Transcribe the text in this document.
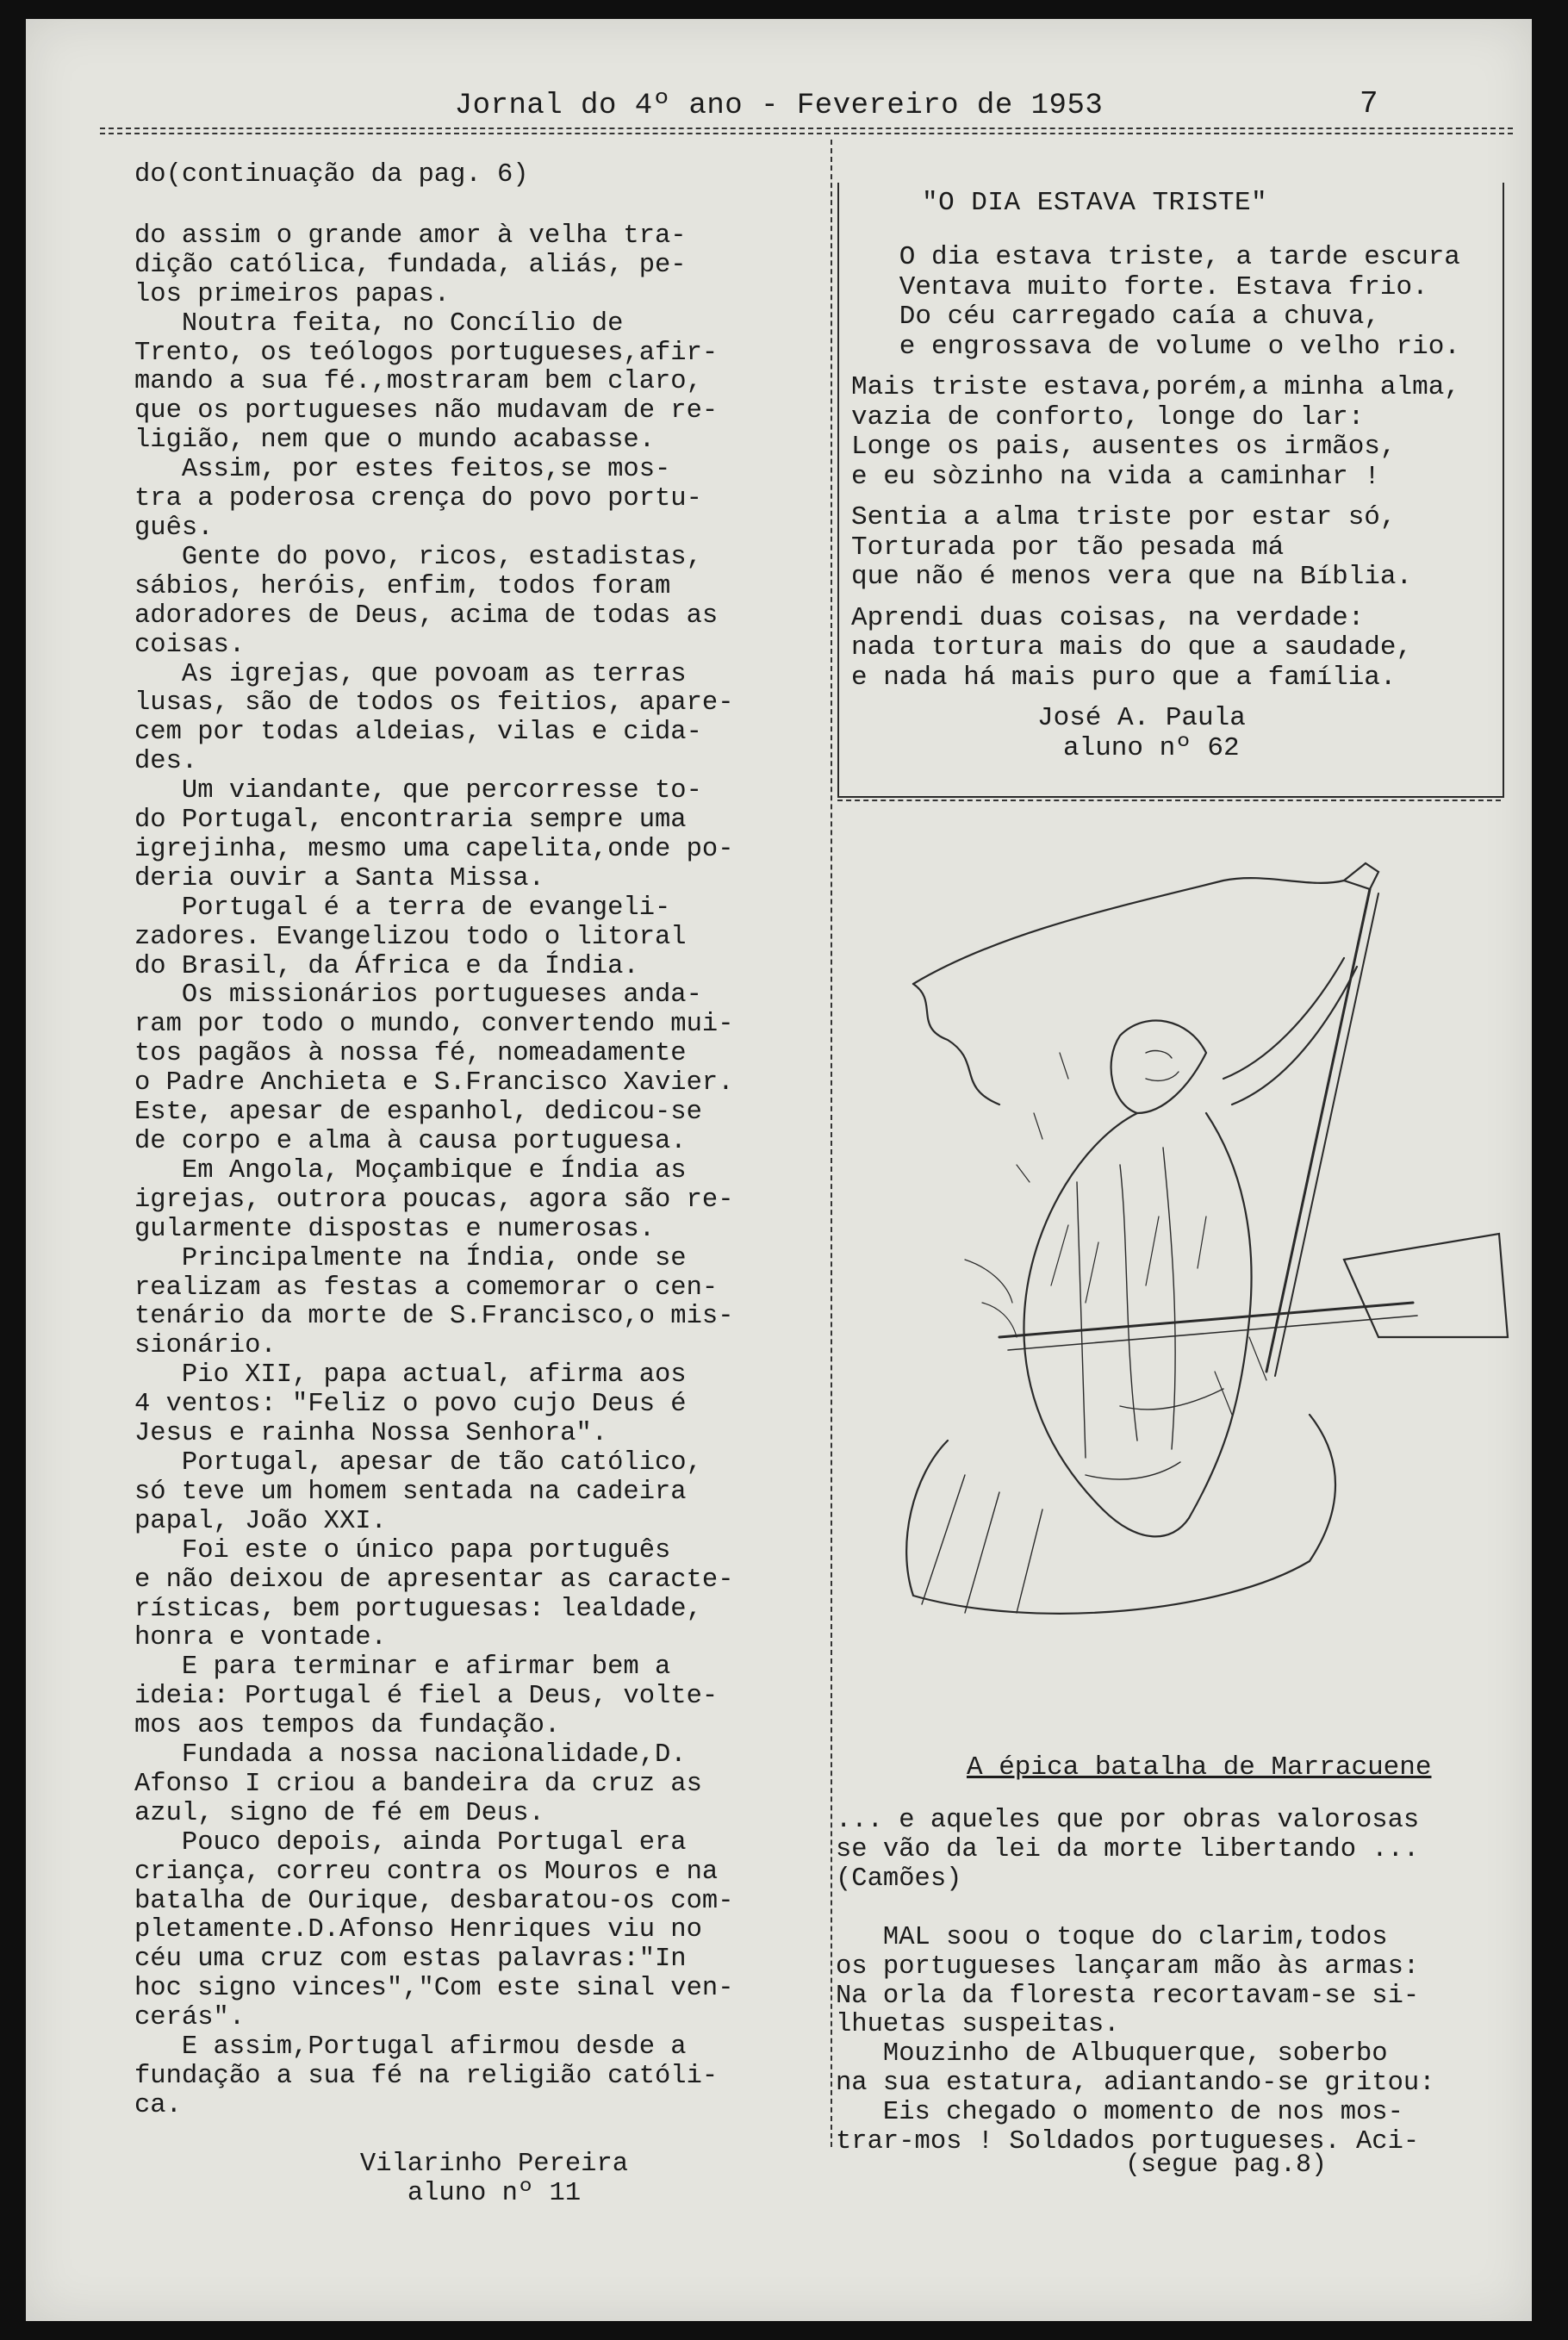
Jornal do 4º ano - Fevereiro de 1953	7

do(continuação da pag. 6)

do assim o grande amor à velha tra-

dição católica, fundada, aliás, pe-

los primeiros papas.

Noutra feita, no Concílio de

Trento, os teólogos portugueses,afir-

mando a sua fé.,mostraram bem claro,

que os portugueses não mudavam de re-

ligião, nem que o mundo acabasse.

Assim, por estes feitos,se mos-

tra a poderosa crença do povo portu-

guês.

Gente do povo, ricos, estadistas,

sábios, heróis, enfim, todos foram

adoradores de Deus, acima de todas as

coisas.

As igrejas, que povoam as terras

lusas, são de todos os feitios, apare-

cem por todas aldeias, vilas e cida-

des.

Um viandante, que percorresse to-

do Portugal, encontraria sempre uma

igrejinha, mesmo uma capelita,onde po-

deria ouvir a Santa Missa.

Portugal é a terra de evangeli-

zadores. Evangelizou todo o litoral

do Brasil, da África e da Índia.

Os missionários portugueses anda-

ram por todo o mundo, convertendo mui-

tos pagãos à nossa fé, nomeadamente

o Padre Anchieta e S.Francisco Xavier.

Este, apesar de espanhol, dedicou-se

de corpo e alma à causa portuguesa.

Em Angola, Moçambique e Índia as

igrejas, outrora poucas, agora são re-

gularmente dispostas e numerosas.

Principalmente na Índia, onde se

realizam as festas a comemorar o cen-

tenário da morte de S.Francisco,o mis-

sionário.

Pio XII, papa actual, afirma aos

4 ventos: "Feliz o povo cujo Deus é

Jesus e rainha Nossa Senhora".

Portugal, apesar de tão católico,

só teve um homem sentada na cadeira

papal, João XXI.

Foi este o único papa português

e não deixou de apresentar as caracte-

rísticas, bem portuguesas: lealdade,

honra e vontade.

E para terminar e afirmar bem a

ideia: Portugal é fiel a Deus, volte-

mos aos tempos da fundação.

Fundada a nossa nacionalidade,D.

Afonso I criou a bandeira da cruz as

azul, signo de fé em Deus.

Pouco depois, ainda Portugal era

criança, correu contra os Mouros e na

batalha de Ourique, desbaratou-os com-

pletamente.D.Afonso Henriques viu no

céu uma cruz com estas palavras:"In

hoc signo vinces","Com este sinal ven-

cerás".

E assim,Portugal afirmou desde a

fundação a sua fé na religião católi-

ca.

Vilarinho Pereira

aluno nº 11

"O DIA ESTAVA TRISTE"
O dia estava triste, a tarde escura
Ventava muito forte. Estava frio.
Do céu carregado caía a chuva,
e engrossava de volume o velho rio.
Mais triste estava,porém,a minha alma,
vazia de conforto, longe do lar:
Longe os pais, ausentes os irmãos,
e eu sòzinho na vida a caminhar !
Sentia a alma triste por estar só,
Torturada por tão pesada má
que não é menos vera que na Bíblia.
Aprendi duas coisas, na verdade:
nada tortura mais do que a saudade,
e nada há mais puro que a família.
José A. Paula
aluno nº 62
A épica batalha de Marracuene

... e aqueles que por obras valorosas

se vão da lei da morte libertando ...

(Camões)

MAL soou o toque do clarim,todos

os portugueses lançaram mão às armas:

Na orla da floresta recortavam-se si-

lhuetas suspeitas.

Mouzinho de Albuquerque, soberbo

na sua estatura, adiantando-se gritou:

Eis chegado o momento de nos mos-

trar-mos ! Soldados portugueses. Aci-

(segue pag.8)
